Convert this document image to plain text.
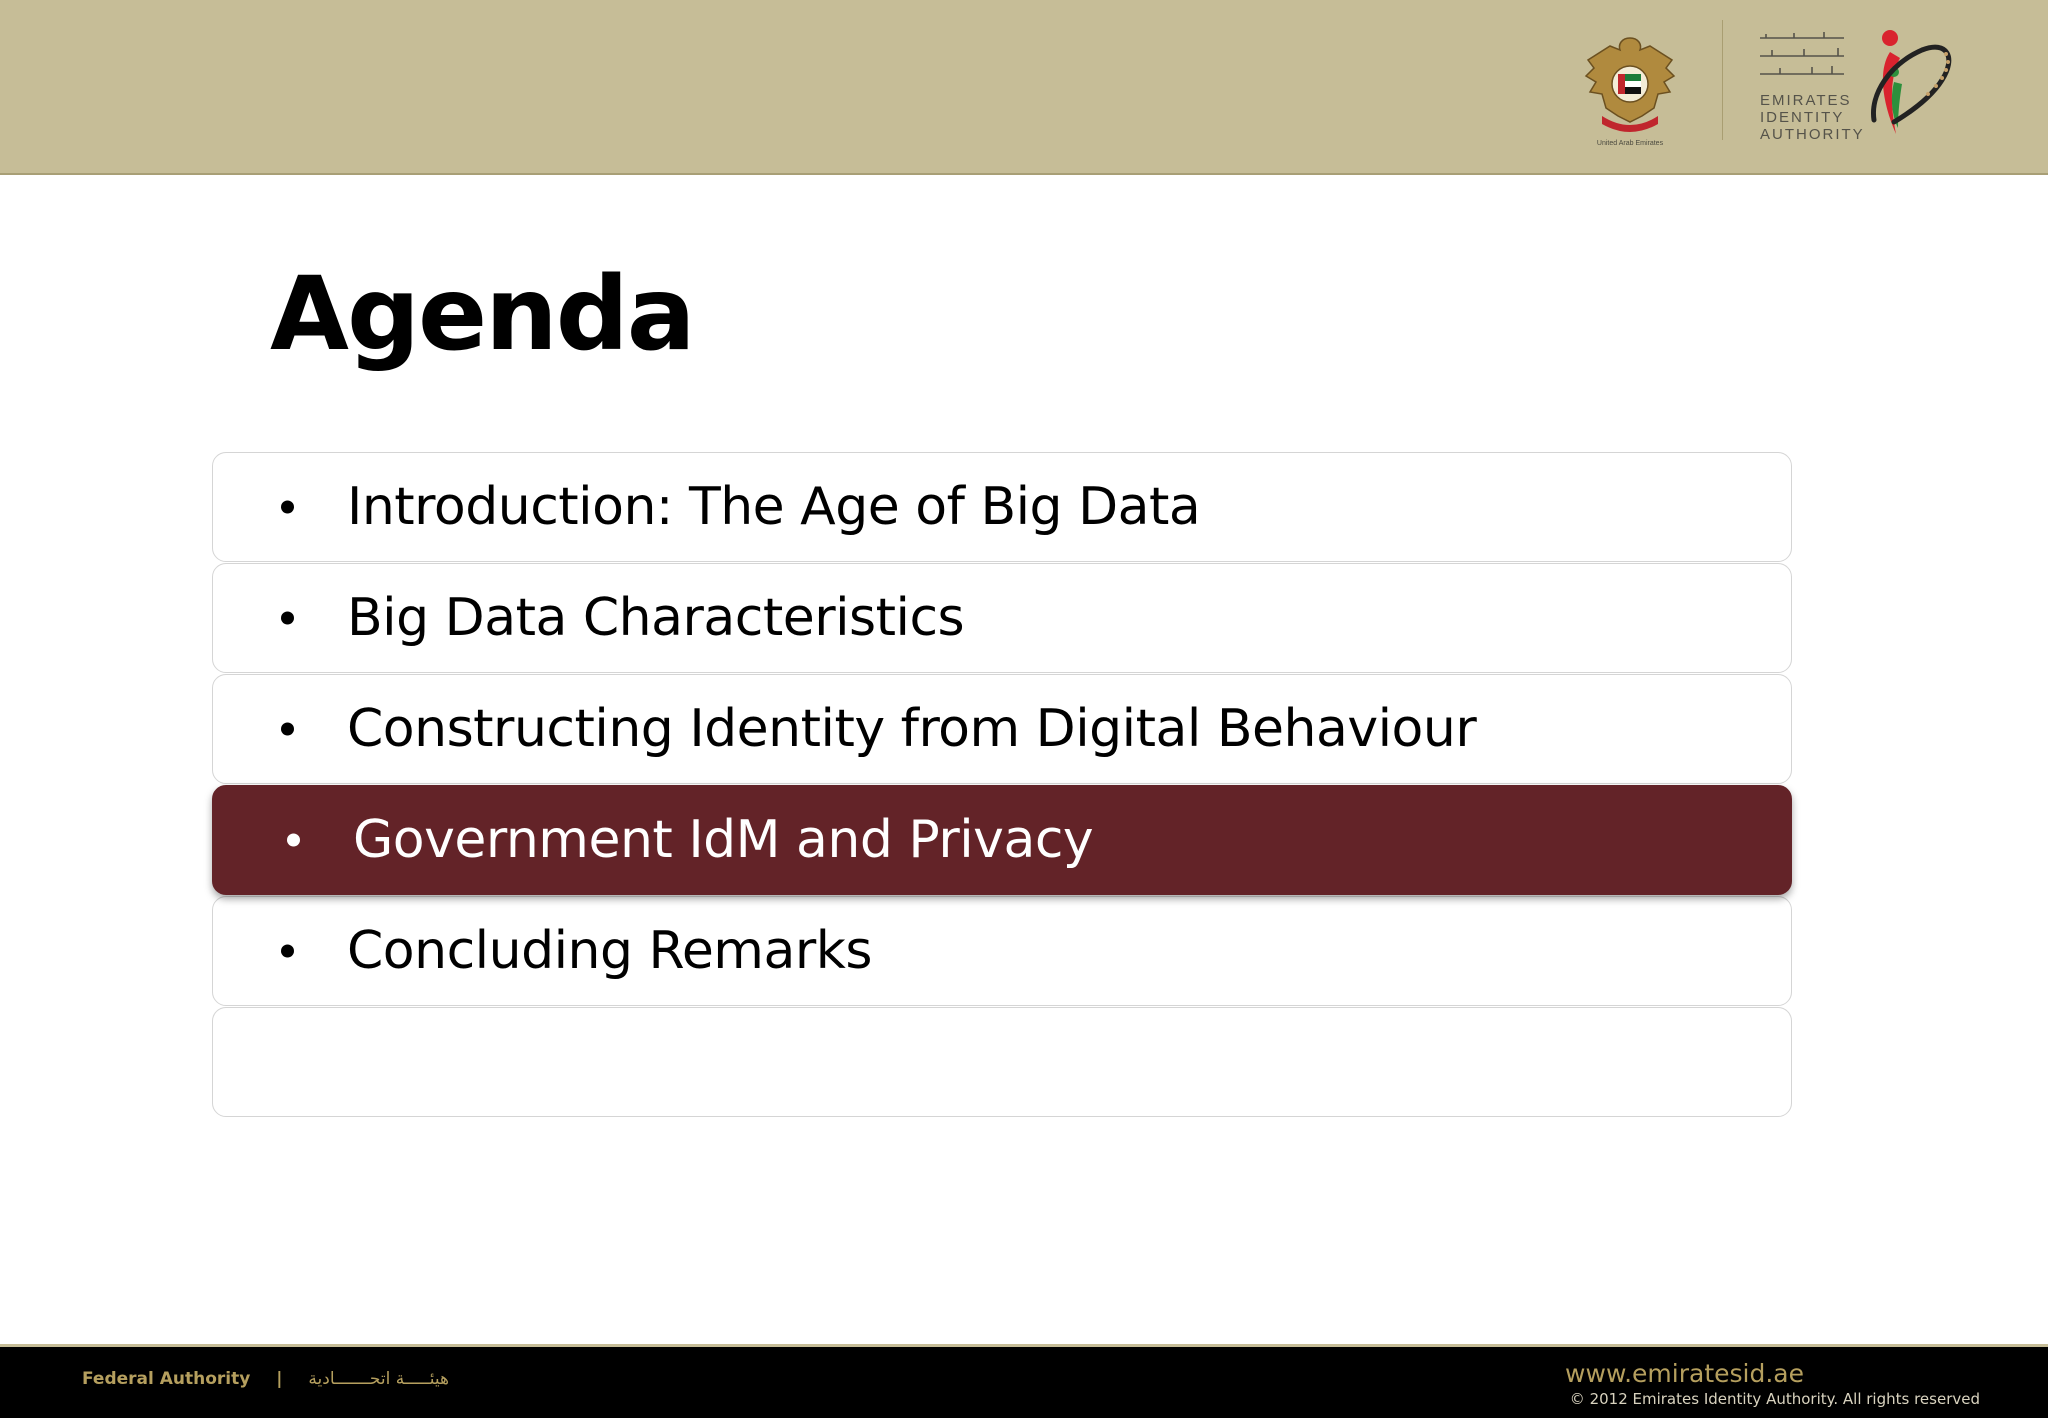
United Arab Emirates
EMIRATES
IDENTITY
AUTHORITY
Agenda
Introduction: The Age of Big Data
Big Data Characteristics
Constructing Identity from Digital Behaviour
Government IdM and Privacy
Concluding Remarks
Federal Authority | هيئـــــة اتحـــــــادية	www.emiratesid.ae
© 2012 Emirates Identity Authority. All rights reserved
